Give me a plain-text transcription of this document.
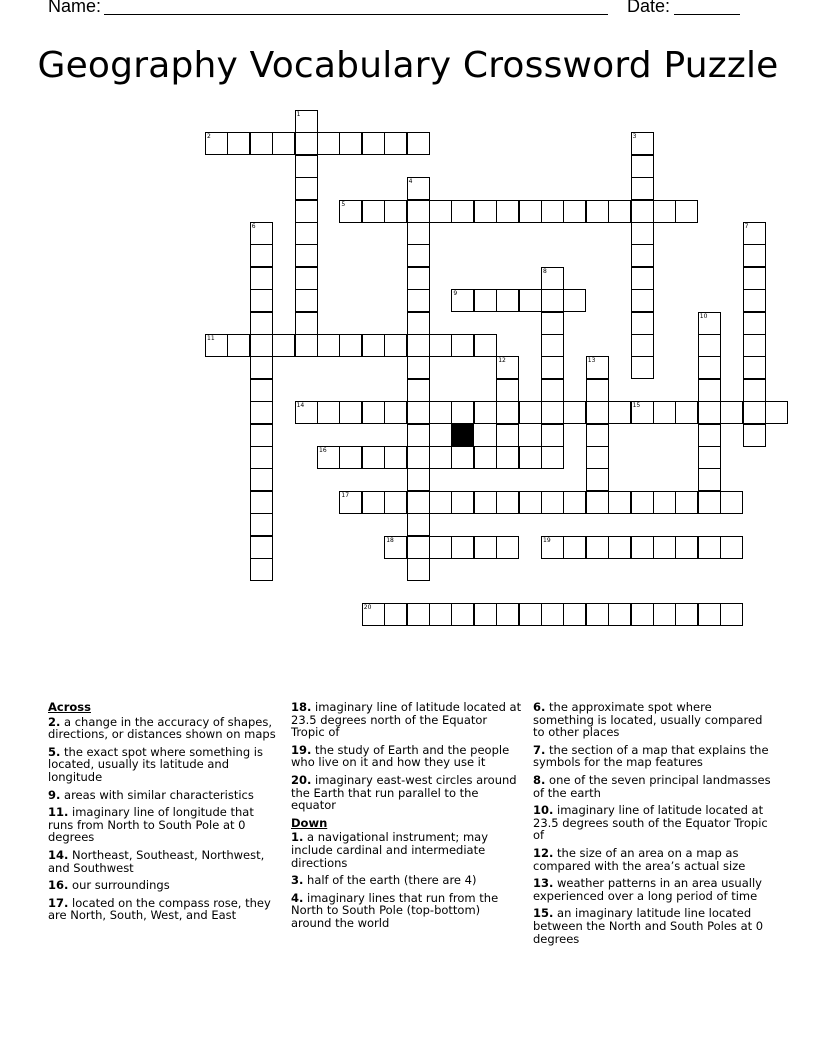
Name:	Date:
Geography Vocabulary Crossword Puzzle
1
2	3
4
5
6	7
8
9
10
11
12	13
14	15
16
17
18	19
20
Across
2. a change in the accuracy of shapes, directions, or distances shown on maps
5. the exact spot where something is located, usually its latitude and longitude
9. areas with similar characteristics
11. imaginary line of longitude that runs from North to South Pole at 0 degrees
14. Northeast, Southeast, Northwest, and Southwest
16. our surroundings
17. located on the compass rose, they are North, South, West, and East
18. imaginary line of latitude located at 23.5 degrees north of the Equator Tropic of
19. the study of Earth and the people who live on it and how they use it
20. imaginary east-west circles around the Earth that run parallel to the equator
Down
1. a navigational instrument; may include cardinal and intermediate directions
3. half of the earth (there are 4)
4. imaginary lines that run from the North to South Pole (top-bottom) around the world
6. the approximate spot where something is located, usually compared to other places
7. the section of a map that explains the symbols for the map features
8. one of the seven principal landmasses of the earth
10. imaginary line of latitude located at 23.5 degrees south of the Equator Tropic of
12. the size of an area on a map as compared with the area’s actual size
13. weather patterns in an area usually experienced over a long period of time
15. an imaginary latitude line located between the North and South Poles at 0 degrees
